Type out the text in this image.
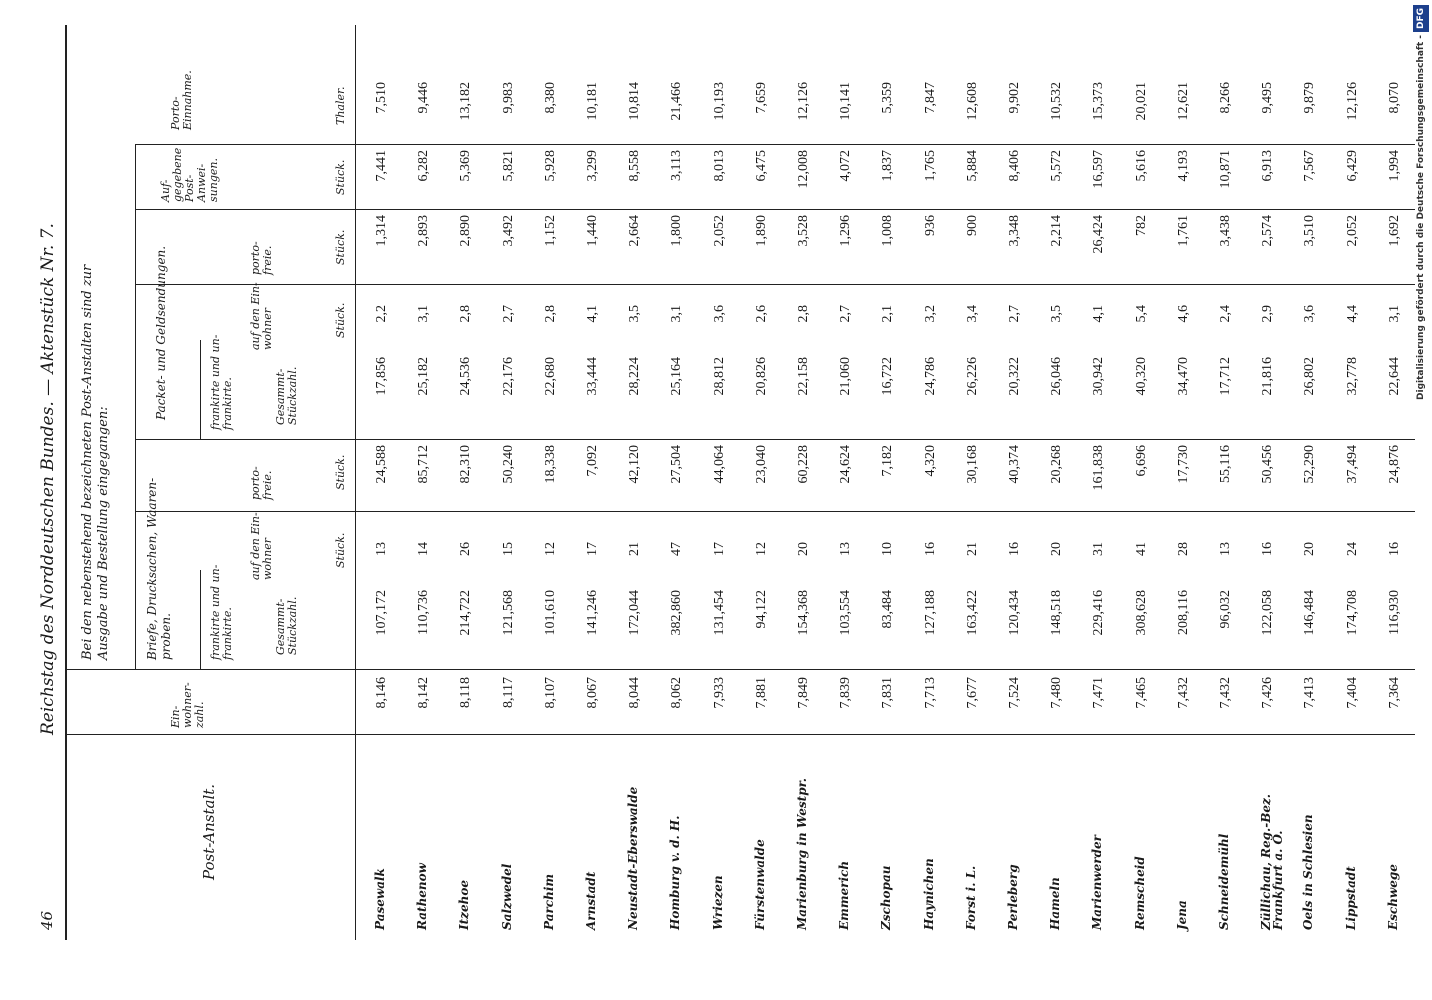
46
Reichstag des Norddeutschen Bundes. — Aktenstück Nr. 7.
Post-Anstalt.
Ein- wohner- zahl.
Bei den nebenstehend bezeichneten Post-Anstalten sind zur Ausgabe und Bestellung eingegangen:	Briefe, Drucksachen, Waaren- proben.
Packet- und Geldsendungen.
frankirte und un- frankirte.
frankirte und un- frankirte.
Gesammt- Stückzahl.
auf den Ein- wohner
porto- freie.
Gesammt- Stückzahl.
auf den Ein- wohner
porto- freie.
Auf- gegebene Post- Anwei- sungen.
Porto- Einnahme.
Stück.
Stück.
Stück.
Stück.
Stück.
Thaler.
Pasewalk
8,146
107,172
13
24,588
17,856
2,2
1,314
7,441
7,510
Rathenow
8,142
110,736
14
85,712
25,182
3,1
2,893
6,282
9,446
Itzehoe
8,118
214,722
26
82,310
24,536
2,8
2,890
5,369
13,182
Salzwedel
8,117
121,568
15
50,240
22,176
2,7
3,492
5,821
9,983
Parchim
8,107
101,610
12
18,338
22,680
2,8
1,152
5,928
8,380
Arnstadt
8,067
141,246
17
7,092
33,444
4,1
1,440
3,299
10,181
Neustadt-Eberswalde
8,044
172,044
21
42,120
28,224
3,5
2,664
8,558
10,814
Homburg v. d. H.
8,062
382,860
47
27,504
25,164
3,1
1,800
3,113
21,466
Wriezen
7,933
131,454
17
44,064
28,812
3,6
2,052
8,013
10,193
Fürstenwalde
7,881
94,122
12
23,040
20,826
2,6
1,890
6,475
7,659
Marienburg in Westpr.
7,849
154,368
20
60,228
22,158
2,8
3,528
12,008
12,126
Emmerich
7,839
103,554
13
24,624
21,060
2,7
1,296
4,072
10,141
Zschopau
7,831
83,484
10
7,182
16,722
2,1
1,008
1,837
5,359
Haynichen
7,713
127,188
16
4,320
24,786
3,2
936
1,765
7,847
Forst i. L.
7,677
163,422
21
30,168
26,226
3,4
900
5,884
12,608
Perleberg
7,524
120,434
16
40,374
20,322
2,7
3,348
8,406
9,902
Hameln
7,480
148,518
20
20,268
26,046
3,5
2,214
5,572
10,532
Marienwerder
7,471
229,416
31
161,838
30,942
4,1
26,424
16,597
15,373
Remscheid
7,465
308,628
41
6,696
40,320
5,4
782
5,616
20,021
Jena
7,432
208,116
28
17,730
34,470
4,6
1,761
4,193
12,621
Schneidemühl
7,432
96,032
13
55,116
17,712
2,4
3,438
10,871
8,266
Züllichau, Reg.-Bez. Frankfurt a. O.
7,426
122,058
16
50,456
21,816
2,9
2,574
6,913
9,495
Oels in Schlesien
7,413
146,484
20
52,290
26,802
3,6
3,510
7,567
9,879
Lippstadt
7,404
174,708
24
37,494
32,778
4,4
2,052
6,429
12,126
Eschwege
7,364
116,930
16
24,876
22,644
3,1
1,692
1,994
8,070	Digitalisierung gefördert durch die Deutsche Forschungsgemeinschaft -DFG
